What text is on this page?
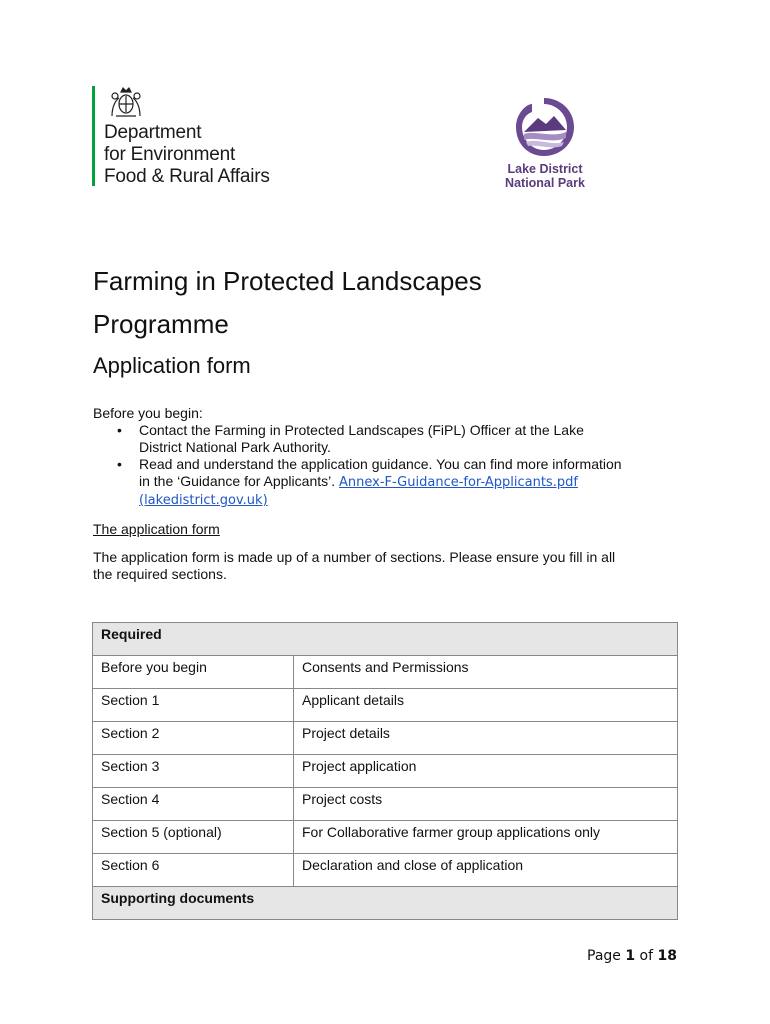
Department
for Environment
Food & Rural Affairs	Lake District
National Park
Farming in Protected Landscapes
Programme
Application form
Before you begin:
• Contact the Farming in Protected Landscapes (FiPL) Officer at the Lake
District National Park Authority.
• Read and understand the application guidance. You can find more information
in the ‘Guidance for Applicants’. Annex-F-Guidance-for-Applicants.pdf
(lakedistrict.gov.uk)
The application form
The application form is made up of a number of sections. Please ensure you fill in all
the required sections.
Required	
Before you begin	Consents and Permissions
Section 1	Applicant details
Section 2	Project details
Section 3	Project application
Section 4	Project costs
Section 5 (optional)	For Collaborative farmer group applications only
Section 6	Declaration and close of application
Supporting documents	
Page 1 of 18
